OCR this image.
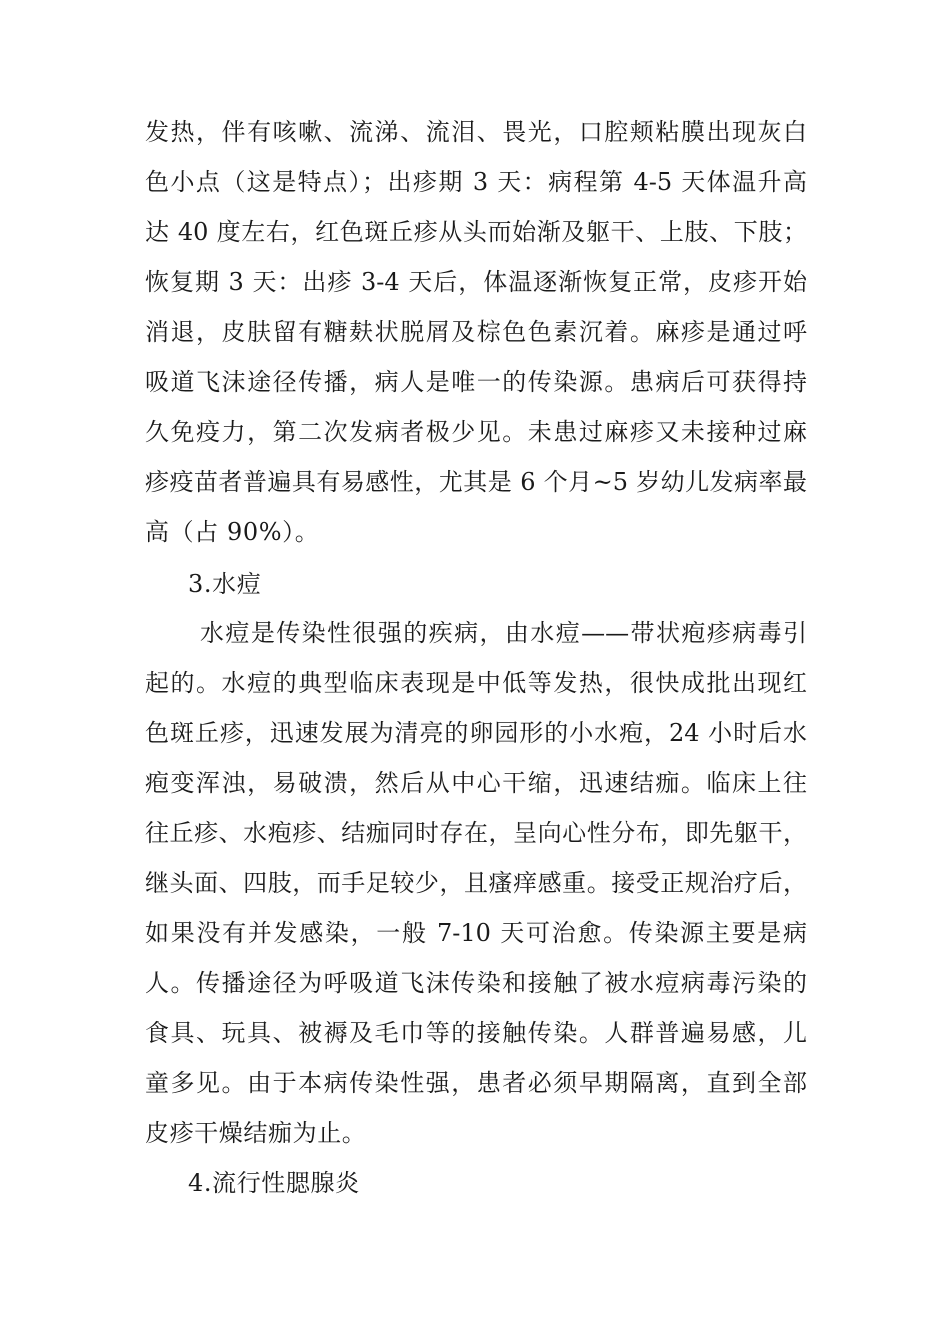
发热，伴有咳嗽、流涕、流泪、畏光，口腔颊粘膜出现灰白
色小点（这是特点）；出疹期 3 天：病程第 4-5 天体温升高
达 40 度左右，红色斑丘疹从头而始渐及躯干、上肢、下肢；
恢复期 3 天：出疹 3-4 天后，体温逐渐恢复正常，皮疹开始
消退，皮肤留有糖麸状脱屑及棕色色素沉着。麻疹是通过呼
吸道飞沫途径传播，病人是唯一的传染源。患病后可获得持
久免疫力，第二次发病者极少见。未患过麻疹又未接种过麻
疹疫苗者普遍具有易感性，尤其是 6 个月~5 岁幼儿发病率最
高（占 90%）。
3.水痘
水痘是传染性很强的疾病，由水痘——带状疱疹病毒引
起的。水痘的典型临床表现是中低等发热，很快成批出现红
色斑丘疹，迅速发展为清亮的卵园形的小水疱，24 小时后水
疱变浑浊，易破溃，然后从中心干缩，迅速结痂。临床上往
往丘疹、水疱疹、结痂同时存在，呈向心性分布，即先躯干，
继头面、四肢，而手足较少，且瘙痒感重。接受正规治疗后，
如果没有并发感染，一般 7-10 天可治愈。传染源主要是病
人。传播途径为呼吸道飞沫传染和接触了被水痘病毒污染的
食具、玩具、被褥及毛巾等的接触传染。人群普遍易感，儿
童多见。由于本病传染性强，患者必须早期隔离，直到全部
皮疹干燥结痂为止。
4.流行性腮腺炎
